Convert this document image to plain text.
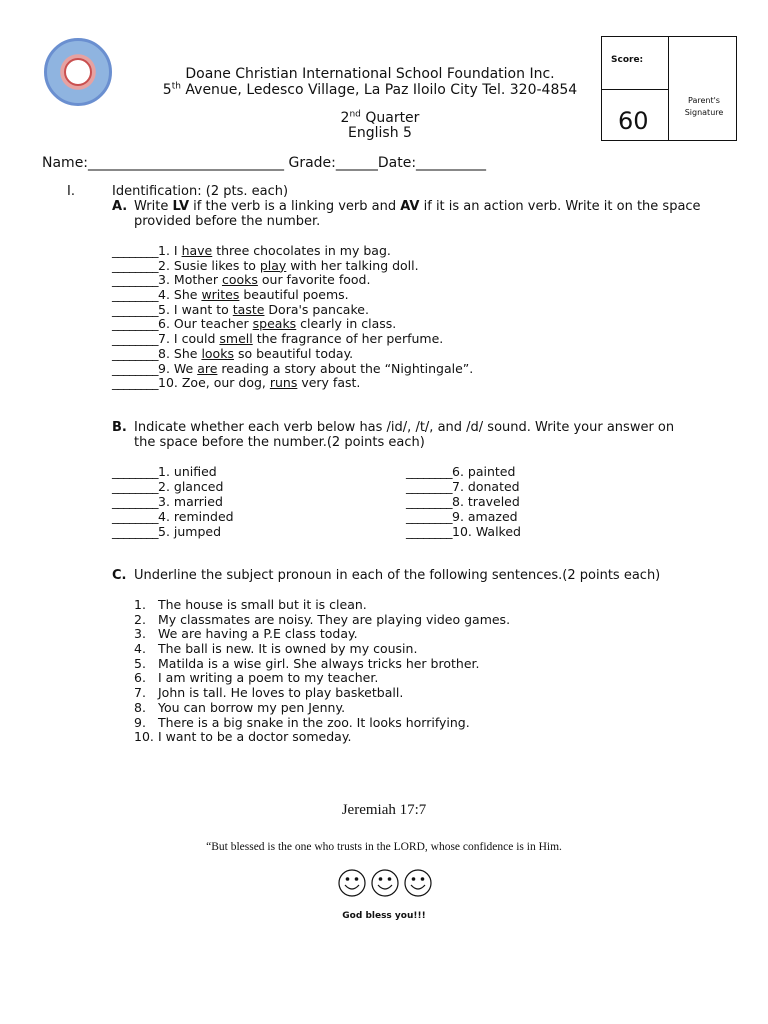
Doane Christian International School Foundation Inc.
5th Avenue, Ledesco Village, La Paz Iloilo City Tel. 320-4854
2nd Quarter
English 5
Score:
60
Parent's
Signature
Name:____________________________ Grade:______Date:__________
I.	Identification: (2 pts. each)
A. Write LV if the verb is a linking verb and AV if it is an action verb. Write it on the space
provided before the number.
________1. I have three chocolates in my bag.
________2. Susie likes to play with her talking doll.
________3. Mother cooks our favorite food.
________4. She writes beautiful poems.
________5. I want to taste Dora's pancake.
________6. Our teacher speaks clearly in class.
________7. I could smell the fragrance of her perfume.
________8. She looks so beautiful today.
________9. We are reading a story about the “Nightingale”.
________10. Zoe, our dog, runs very fast.
B. Indicate whether each verb below has /id/, /t/, and /d/ sound. Write your answer on
the space before the number.(2 points each)
________1. unified
________2. glanced
________3. married
________4. reminded
________5. jumped
________6. painted
________7. donated
________8. traveled
________9. amazed
________10. Walked
C. Underline the subject pronoun in each of the following sentences.(2 points each)
1. The house is small but it is clean.
2. My classmates are noisy. They are playing video games.
3. We are having a P.E class today.
4. The ball is new. It is owned by my cousin.
5. Matilda is a wise girl. She always tricks her brother.
6. I am writing a poem to my teacher.
7. John is tall. He loves to play basketball.
8. You can borrow my pen Jenny.
9. There is a big snake in the zoo. It looks horrifying.
10. I want to be a doctor someday.
Jeremiah 17:7
“But blessed is the one who trusts in the LORD, whose confidence is in Him.
God bless you!!!
